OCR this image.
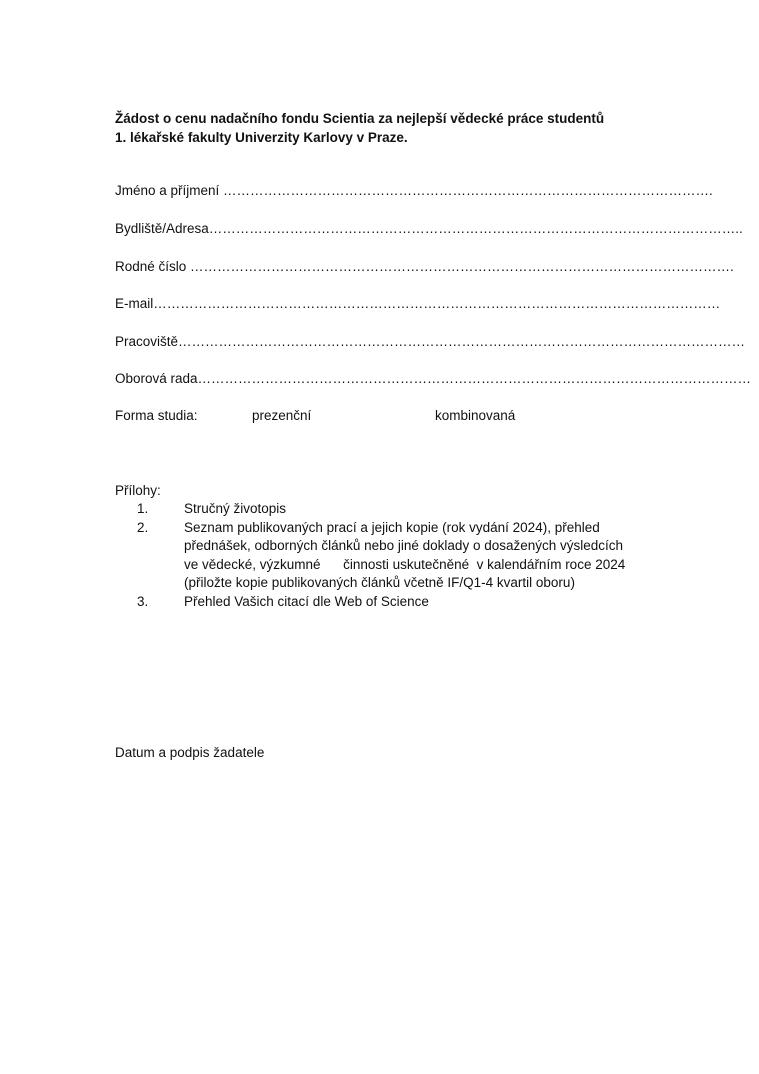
Žádost o cenu nadačního fondu Scientia za nejlepší vědecké práce studentů
1. lékařské fakulty Univerzity Karlovy v Praze.
Jméno a příjmení ……………………………………………………………………………………………….
Bydliště/Adresa………………………………………………………………………………………………………..
Rodné číslo ………………………………………………………………………………………………………….
E-mail………………………………………………………………………………………………………………
Pracoviště………………………………………………………………………………………………………………
Oborová rada……………………………………………………………………………………………………………
Forma studia:	prezenční	kombinovaná
Přílohy:
1.	Stručný životopis
2.	Seznam publikovaných prací a jejich kopie (rok vydání 2024), přehled
přednášek, odborných článků nebo jiné doklady o dosažených výsledcích
ve vědecké, výzkumné      činnosti uskutečněné  v kalendářním roce 2024
(přiložte kopie publikovaných článků včetně IF/Q1-4 kvartil oboru)
3.	Přehled Vašich citací dle Web of Science
Datum a podpis žadatele
